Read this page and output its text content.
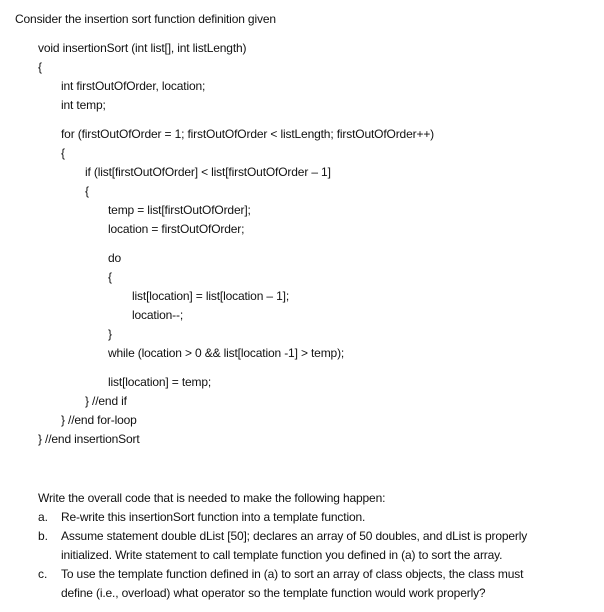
Consider the insertion sort function definition given
void insertionSort (int list[], int listLength)
{
int firstOutOfOrder, location;
int temp;
for (firstOutOfOrder = 1; firstOutOfOrder < listLength; firstOutOfOrder++)
{
if (list[firstOutOfOrder] < list[firstOutOfOrder – 1]
{
temp = list[firstOutOfOrder];
location = firstOutOfOrder;
do
{
list[location] = list[location – 1];
location--;
}
while (location > 0 && list[location -1] > temp);
list[location] = temp;
} //end if
} //end for-loop
} //end insertionSort
Write the overall code that is needed to make the following happen:
a. Re-write this insertionSort function into a template function.
b. Assume statement double dList [50]; declares an array of 50 doubles, and dList is properly
initialized. Write statement to call template function you defined in (a) to sort the array.
c. To use the template function defined in (a) to sort an array of class objects, the class must
define (i.e., overload) what operator so the template function would work properly?
